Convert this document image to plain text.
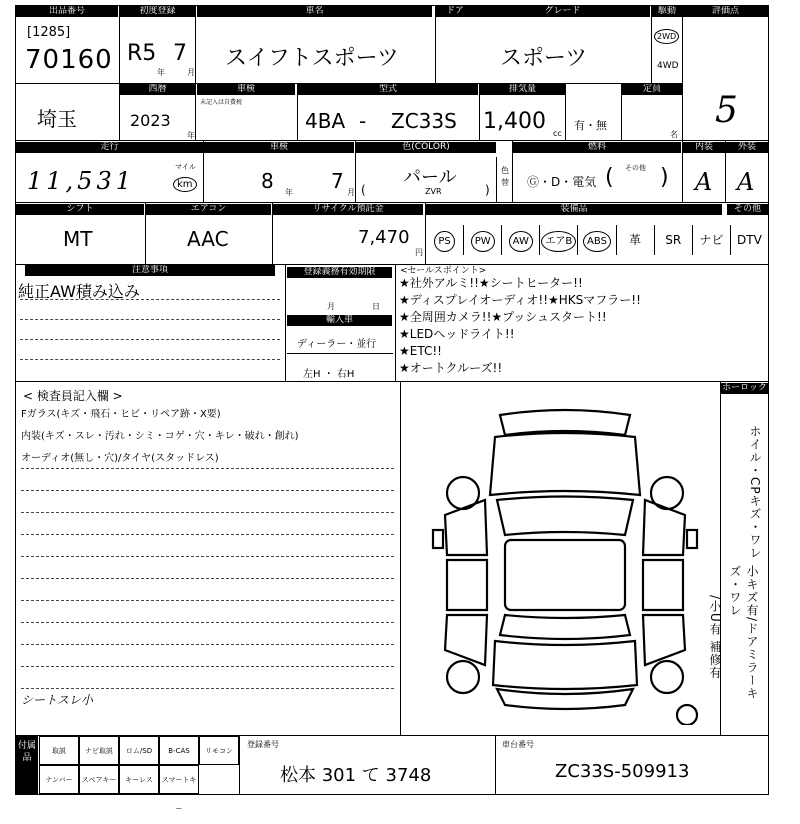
出品番号
[1285]
70160
初度登録
R5
年
7
月
車名
スイフトスポーツ
ドア	グレード
スポーツ
駆動
2WD
4WD
評価点
5
埼玉
西暦
2023
年
車検
未記入は自費税
型式
4BA - ZC33S
排気量
1,400 cc
有・無
定員
名
走行
11,531	マイル
km
車検
8 年 7 月
色(COLOR)
パール
ZVR
(	)
色替
燃料
Ⓖ・D・電気
その他
( )
内装
A
外装
A
シフト
MT
エアコン
AAC
リサイクル預託金
7,470
円
装備品	その他
PS	PW	AW	エアB	ABS	革	SR	ナビ	DTV
注意事項
純正AW積み込み
登録義務有効期限
月	日
輸入車
ディーラー・並行
左H ・ 右H
<セールスポイント>
★社外アルミ!!★シートヒーター!!
★ディスプレイオーディオ!!★HKSマフラー!!
★全周囲カメラ!!★プッシュスタート!!
★LEDヘッドライト!!
★ETC!!
★オートクルーズ!!
< 検査員記入欄 >
Fガラス(キズ・飛石・ヒビ・リペア跡・X要)
内装(キズ・スレ・汚れ・シミ・コゲ・穴・キレ・破れ・創れ)
オーディオ(無し・穴)/タイヤ(スタッドレス)
シートスレ小
ホーロック
ホイル・CPキズ・ワレ
小キズ有/ドアミラーキズ・ワレ
/小U有 補修有
付属品
取説	ナビ取説	ロム/SD	B-CAS	リモコン
ナンバー	スペアキー	キーレス	スマートキー
登録番号
松本 301 て 3748
車台番号
ZC33S-509913
